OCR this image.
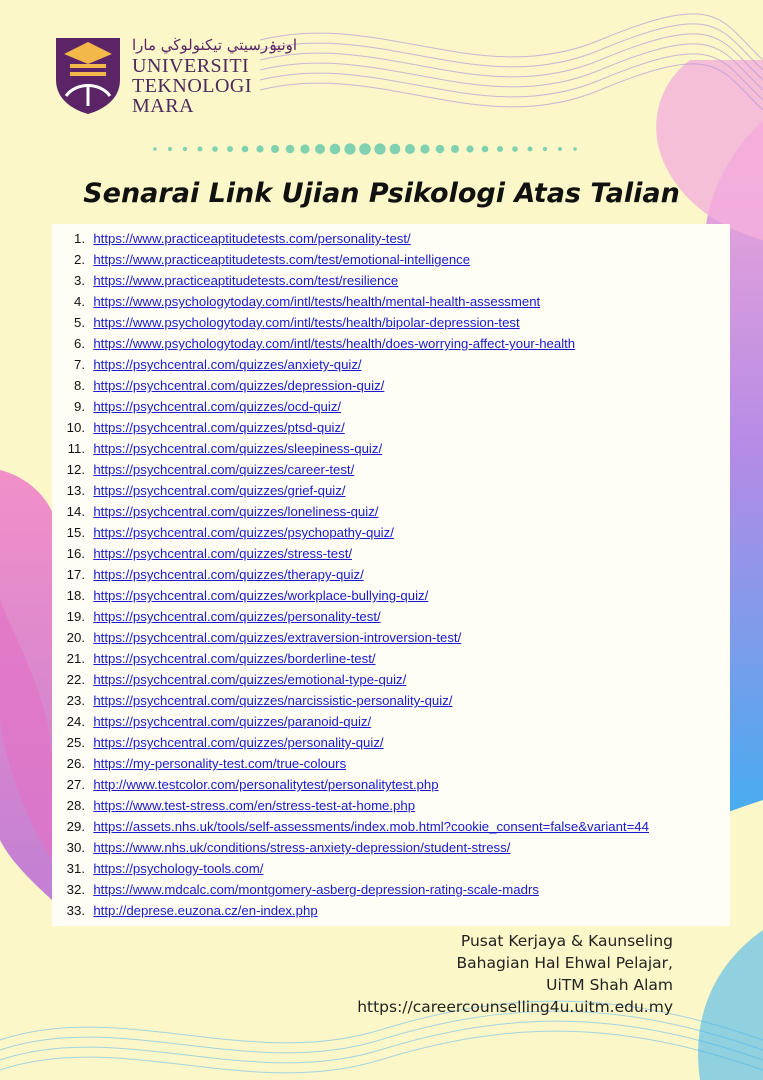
اونيۏرسيتي تيكنولوڬي مارا
UNIVERSITI
TEKNOLOGI
MARA
Senarai Link Ujian Psikologi Atas Talian
1.
https://www.practiceaptitudetests.com/personality-test/
2.
https://www.practiceaptitudetests.com/test/emotional-intelligence
3.
https://www.practiceaptitudetests.com/test/resilience
4.
https://www.psychologytoday.com/intl/tests/health/mental-health-assessment
5.
https://www.psychologytoday.com/intl/tests/health/bipolar-depression-test
6.
https://www.psychologytoday.com/intl/tests/health/does-worrying-affect-your-health
7.
https://psychcentral.com/quizzes/anxiety-quiz/
8.
https://psychcentral.com/quizzes/depression-quiz/
9.
https://psychcentral.com/quizzes/ocd-quiz/
10.
https://psychcentral.com/quizzes/ptsd-quiz/
11.
https://psychcentral.com/quizzes/sleepiness-quiz/
12.
https://psychcentral.com/quizzes/career-test/
13.
https://psychcentral.com/quizzes/grief-quiz/
14.
https://psychcentral.com/quizzes/loneliness-quiz/
15.
https://psychcentral.com/quizzes/psychopathy-quiz/
16.
https://psychcentral.com/quizzes/stress-test/
17.
https://psychcentral.com/quizzes/therapy-quiz/
18.
https://psychcentral.com/quizzes/workplace-bullying-quiz/
19.
https://psychcentral.com/quizzes/personality-test/
20.
https://psychcentral.com/quizzes/extraversion-introversion-test/
21.
https://psychcentral.com/quizzes/borderline-test/
22.
https://psychcentral.com/quizzes/emotional-type-quiz/
23.
https://psychcentral.com/quizzes/narcissistic-personality-quiz/
24.
https://psychcentral.com/quizzes/paranoid-quiz/
25.
https://psychcentral.com/quizzes/personality-quiz/
26.
https://my-personality-test.com/true-colours
27.
http://www.testcolor.com/personalitytest/personalitytest.php
28.
https://www.test-stress.com/en/stress-test-at-home.php
29.
https://assets.nhs.uk/tools/self-assessments/index.mob.html?cookie_consent=false&variant=44
30.
https://www.nhs.uk/conditions/stress-anxiety-depression/student-stress/
31.
https://psychology-tools.com/
32.
https://www.mdcalc.com/montgomery-asberg-depression-rating-scale-madrs
33.
http://deprese.euzona.cz/en-index.php
Pusat Kerjaya & Kaunseling
Bahagian Hal Ehwal Pelajar,
UiTM Shah Alam
https://careercounselling4u.uitm.edu.my
